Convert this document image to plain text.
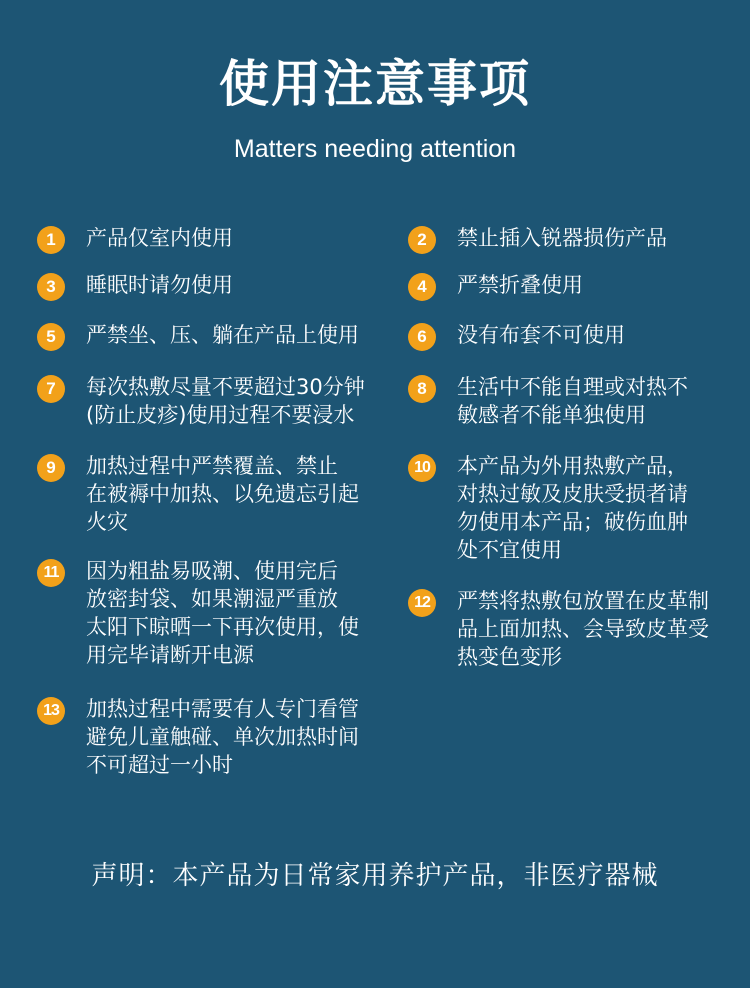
使用注意事项
Matters needing attention
1	产品仅室内使用
3	睡眠时请勿使用
5	严禁坐、压、躺在产品上使用
7	每次热敷尽量不要超过30分钟
(防止皮疹)使用过程不要浸水
9	加热过程中严禁覆盖、禁止
在被褥中加热、以免遗忘引起
火灾
11	因为粗盐易吸潮、使用完后
放密封袋、如果潮湿严重放
太阳下晾晒一下再次使用，使
用完毕请断开电源
13 加热过程中需要有人专门看管
避免儿童触碰、单次加热时间
不可超过一小时
2	禁止插入锐器损伤产品
4	严禁折叠使用
6	没有布套不可使用
8	生活中不能自理或对热不
敏感者不能单独使用
10 本产品为外用热敷产品，
对热过敏及皮肤受损者请
勿使用本产品；破伤血肿
处不宜使用
12 严禁将热敷包放置在皮革制
品上面加热、会导致皮革受
热变色变形
声明：本产品为日常家用养护产品，非医疗器械
